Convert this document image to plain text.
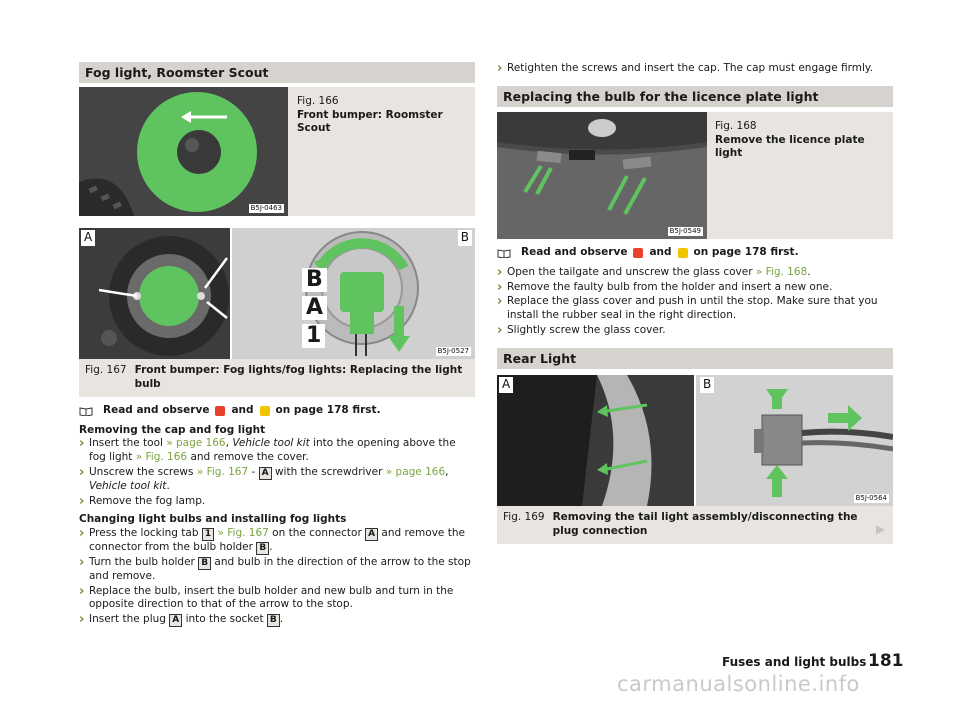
Fog light, Roomster Scout
B5J-0463
Fig. 166
Front bumper: Roomster Scout
A	B
B
A
1
B5J-0527
Fig. 167 Front bumper: Fog lights/fog lights: Replacing the light bulb
Read and observe and on page 178 first.
Removing the cap and fog light
› Insert the tool » page 166, Vehicle tool kit into the opening above the fog light » Fig. 166 and remove the cover.
› Unscrew the screws » Fig. 167 - A with the screwdriver » page 166, Vehicle tool kit.
› Remove the fog lamp.
Changing light bulbs and installing fog lights
› Press the locking tab 1 » Fig. 167 on the connector A and remove the connector from the bulb holder B .
› Turn the bulb holder B and bulb in the direction of the arrow to the stop and remove.
› Replace the bulb, insert the bulb holder and new bulb and turn in the opposite direction to that of the arrow to the stop.
› Insert the plug A into the socket B .
› Retighten the screws and insert the cap. The cap must engage firmly.
Replacing the bulb for the licence plate light
B5J-0549
Fig. 168
Remove the licence plate light
Read and observe and on page 178 first.
› Open the tailgate and unscrew the glass cover » Fig. 168.
› Remove the faulty bulb from the holder and insert a new one.
› Replace the glass cover and push in until the stop. Make sure that you install the rubber seal in the right direction.
› Slightly screw the glass cover.
Rear Light
A	B
B5J-0564
Fig. 169 Removing the tail light assembly/disconnecting the plug connection	▶
Fuses and light bulbs 181
carmanualsonline.info
